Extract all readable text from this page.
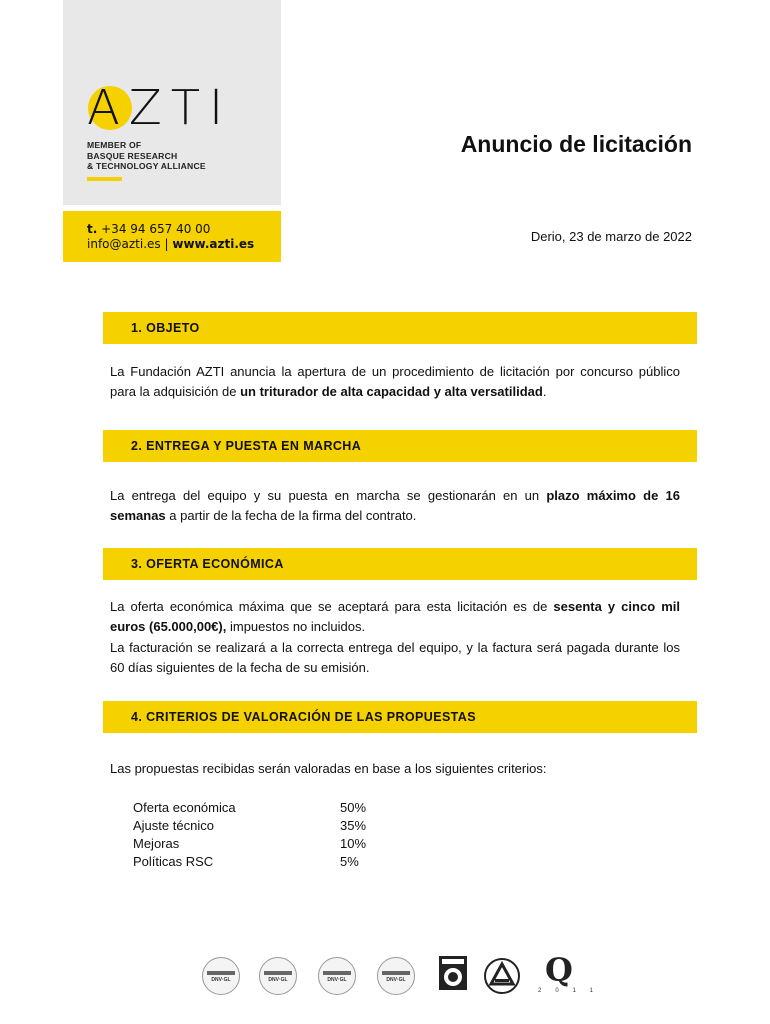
AZTI
MEMBER OF
BASQUE RESEARCH
& TECHNOLOGY ALLIANCE
t. +34 94 657 40 00
info@azti.es | www.azti.es
Anuncio de licitación
Derio, 23 de marzo de 2022
1. OBJETO
La Fundación AZTI anuncia la apertura de un procedimiento de licitación por concurso público para la adquisición de un triturador de alta capacidad y alta versatilidad.
2. ENTREGA Y PUESTA EN MARCHA
La entrega del equipo y su puesta en marcha se gestionarán en un plazo máximo de 16 semanas a partir de la fecha de la firma del contrato.
3. OFERTA ECONÓMICA
La oferta económica máxima que se aceptará para esta licitación es de sesenta y cinco mil euros (65.000,00€), impuestos no incluidos.
La facturación se realizará a la correcta entrega del equipo, y la factura será pagada durante los 60 días siguientes de la fecha de su emisión.
4. CRITERIOS DE VALORACIÓN DE LAS PROPUESTAS
Las propuestas recibidas serán valoradas en base a los siguientes criterios:
Oferta económica	50%
Ajuste técnico	35%
Mejoras	10%
Políticas RSC	5%
DNV·GL	DNV·GL	DNV·GL	DNV·GL	Q
2011
